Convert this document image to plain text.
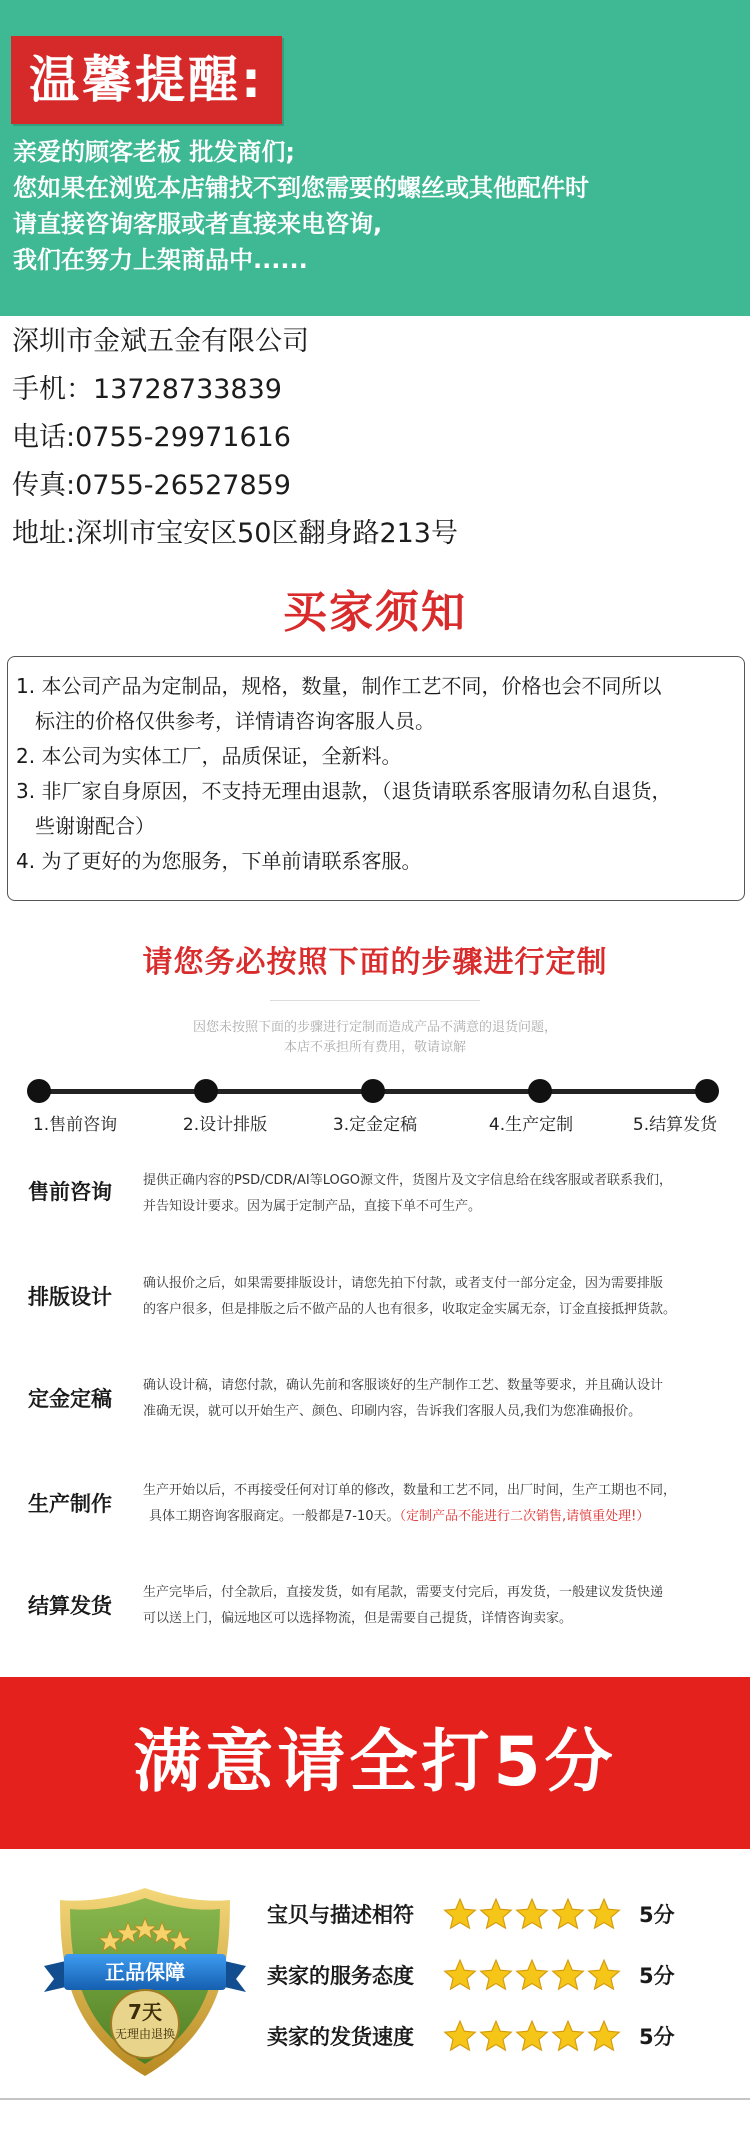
温馨提醒:
亲爱的顾客老板 批发商们;
您如果在浏览本店铺找不到您需要的螺丝或其他配件时
请直接咨询客服或者直接来电咨询,
我们在努力上架商品中......
深圳市金斌五金有限公司
手机：13728733839
电话:0755-29971616
传真:0755-26527859
地址:深圳市宝安区50区翻身路213号
买家须知
1. 本公司产品为定制品，规格，数量，制作工艺不同，价格也会不同所以
标注的价格仅供参考，详情请咨询客服人员。
2. 本公司为实体工厂，品质保证，全新料。
3. 非厂家自身原因，不支持无理由退款，（退货请联系客服请勿私自退货，
些谢谢配合）
4. 为了更好的为您服务，下单前请联系客服。
请您务必按照下面的步骤进行定制
因您未按照下面的步骤进行定制而造成产品不满意的退货问题，
本店不承担所有费用，敬请谅解
1.售前咨询	2.设计排版	3.定金定稿	4.生产定制	5.结算发货
售前咨询 提供正确内容的PSD/CDR/AI等LOGO源文件，货图片及文字信息给在线客服或者联系我们，
并告知设计要求。因为属于定制产品，直接下单不可生产。
排版设计
确认报价之后，如果需要排版设计，请您先拍下付款，或者支付一部分定金，因为需要排版
的客户很多，但是排版之后不做产品的人也有很多，收取定金实属无奈，订金直接抵押货款。
定金定稿
确认设计稿，请您付款，确认先前和客服谈好的生产制作工艺、数量等要求，并且确认设计
准确无误，就可以开始生产、颜色、印刷内容，告诉我们客服人员,我们为您准确报价。
生产制作
生产开始以后，不再接受任何对订单的修改，数量和工艺不同，出厂时间，生产工期也不同，
具体工期咨询客服商定。一般都是7-10天。（定制产品不能进行二次销售,请慎重处理!）
结算发货
生产完毕后，付全款后，直接发货，如有尾款，需要支付完后，再发货，一般建议发货快递
可以送上门，偏远地区可以选择物流，但是需要自己提货，详情咨询卖家。
满意请全打5分
正品保障
7天
无理由退换
宝贝与描述相符	5分
卖家的服务态度	5分
卖家的发货速度	5分
